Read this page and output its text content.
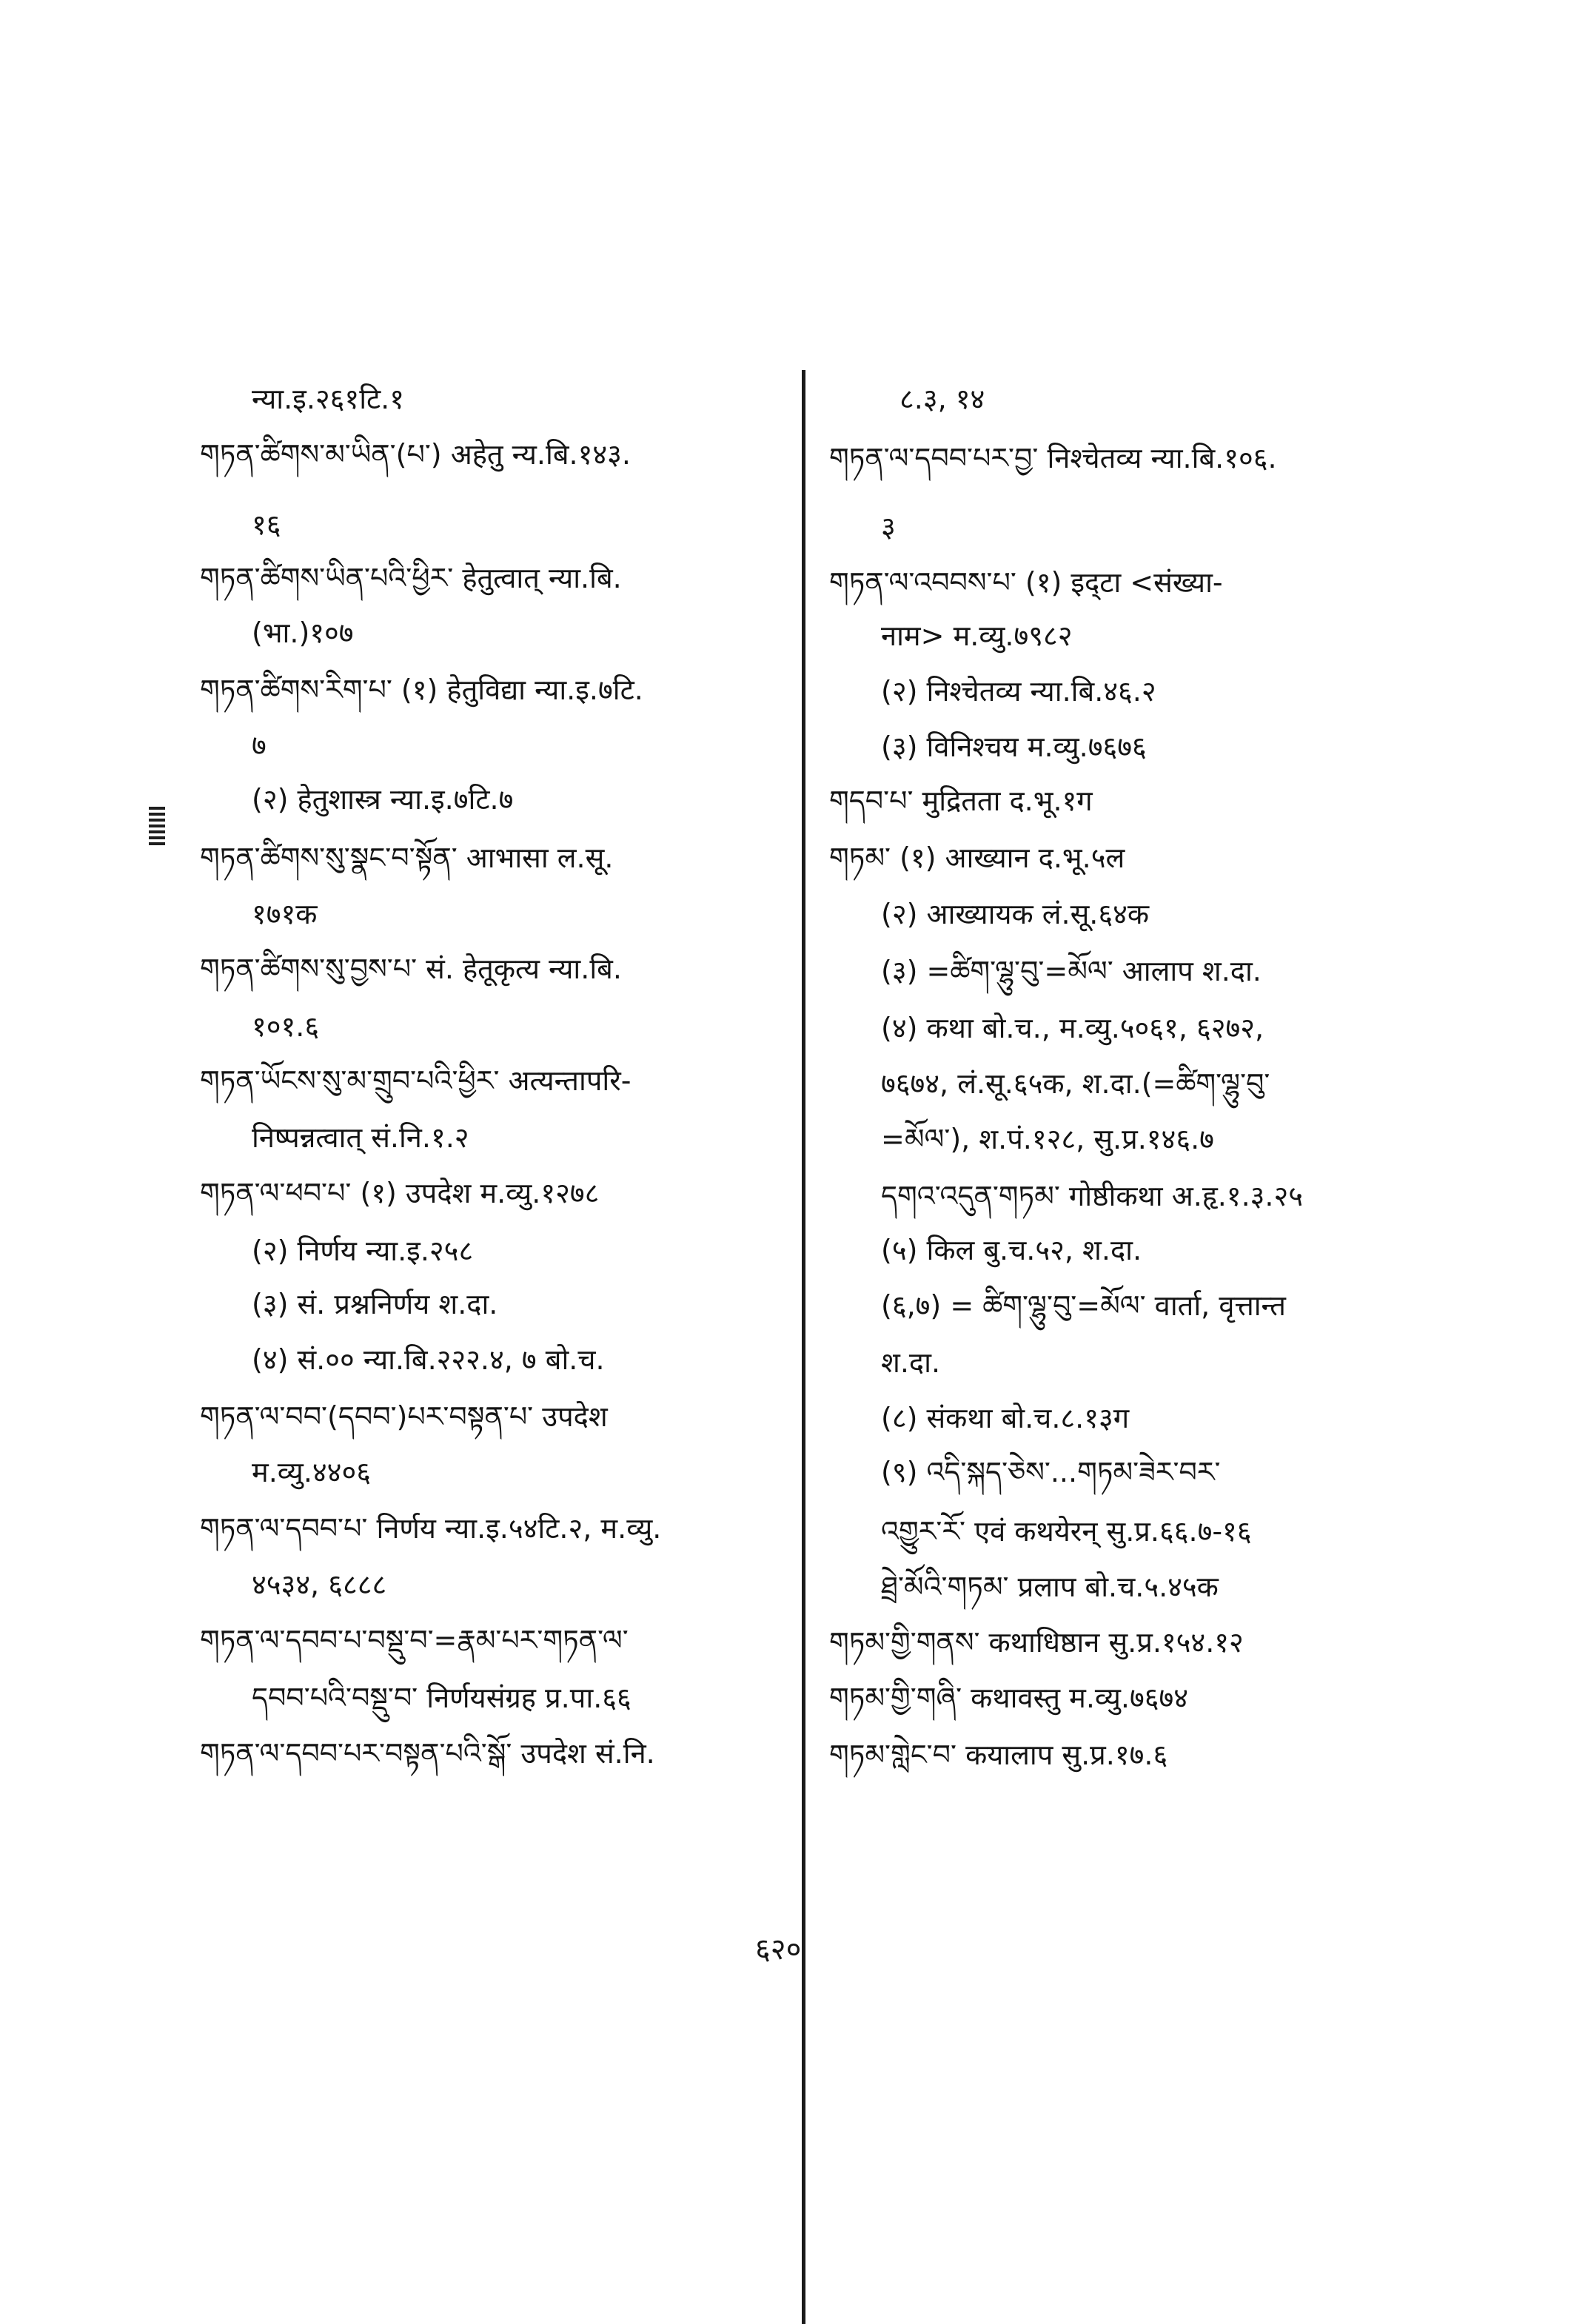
न्या.इ.२६१टि.१
གཏན་ཚིགས་མ་ཡིན་(པ་) अहेतु न्य.बि.१४३.
१६
གཏན་ཚིགས་ཡིན་པའི་ཕྱིར་ हेतुत्वात् न्या.बि.
(भा.)१०७
གཏན་ཚིགས་རིག་པ་ (१) हेतुविद्या न्या.इ.७टि.
७
(२) हेतुशास्त्र न्या.इ.७टि.७
གཏན་ཚིགས་སུ་སྣང་བ་སྟོན་ आभासा ल.सू.
१७१क
གཏན་ཚིགས་སུ་བྱས་པ་ सं. हेतूकृत्य न्या.बि.
१०१.६
གཏན་ཡོངས་སུ་མ་གྲུབ་པའི་ཕྱིར་ अत्यन्तापरि-
निष्पन्नत्वात् सं.नि.१.२
གཏན་ལ་ཕབ་པ་ (१) उपदेश म.व्यु.१२७८
(२) निर्णय न्या.इ.२५८
(३) सं. प्रश्ननिर्णय श.दा.
(४) सं.०० न्या.बि.२२२.४, ७ बो.च.
གཏན་ལ་བབ་(དབབ་)པར་བསྟན་པ་ उपदेश
म.व्यु.४४०६
གཏན་ལ་དབབ་པ་ निर्णय न्या.इ.५४टि.२, म.व्यु.
४५३४, ६८८८
གཏན་ལ་དབབ་པ་བསྡུ་བ་=རྣམ་པར་གཏན་ལ་
དབབ་པའི་བསྡུ་བ་ निर्णयसंग्रह प्र.पा.६६
གཏན་ལ་དབབ་པར་བསྟན་པའི་སྒོ་ उपदेश सं.नि.
८.३, १४
གཏན་ལ་དབབ་པར་བྱ་ निश्चेतव्य न्या.बि.१०६.
३
གཏན་ལ་འབབས་པ་ (१) इद्टा <संख्या-
नाम> म.व्यु.७९८२
(२) निश्चेतव्य न्या.बि.४६.२
(३) विनिश्चय म.व्यु.७६७६
གདབ་པ་ मुद्रितता द.भू.१ग
གཏམ་ (१) आख्यान द.भू.५ल
(२) आख्यायक लं.सू.६४क
(३) =ཚིག་ལྷུ་བུ་=མོལ་ आलाप श.दा.
(४) कथा बो.च., म.व्यु.५०६१, ६२७२,
७६७४, लं.सू.६५क, श.दा.(=ཚིག་ལྷུ་བུ་
=མོལ་), श.पं.१२८, सु.प्र.१४६.७
དགའ་འདུན་གཏམ་ गोष्ठीकथा अ.हृ.१.३.२५
(५) किल बु.च.५२, श.दा.
(६,७) = ཚིག་ལྷུ་བུ་=མོལ་ वार्ता, वृत्तान्त
श.दा.
(८) संकथा बो.च.८.१३ग
(९) འདི་སྐད་ཅེས་...གཏམ་ཟེར་བར་
འགྱུར་རོ་ एवं कथयेरन् सु.प्र.६६.७-१६
ཐྲེ་མོའི་གཏམ་ प्रलाप बो.च.५.४५क
གཏམ་གྱི་གནས་ कथाधिष्ठान सु.प्र.१५४.१२
གཏམ་གྱི་གཞི་ कथावस्तु म.व्यु.७६७४
གཏམ་གླེང་བ་ कयालाप सु.प्र.१७.६
६२०
